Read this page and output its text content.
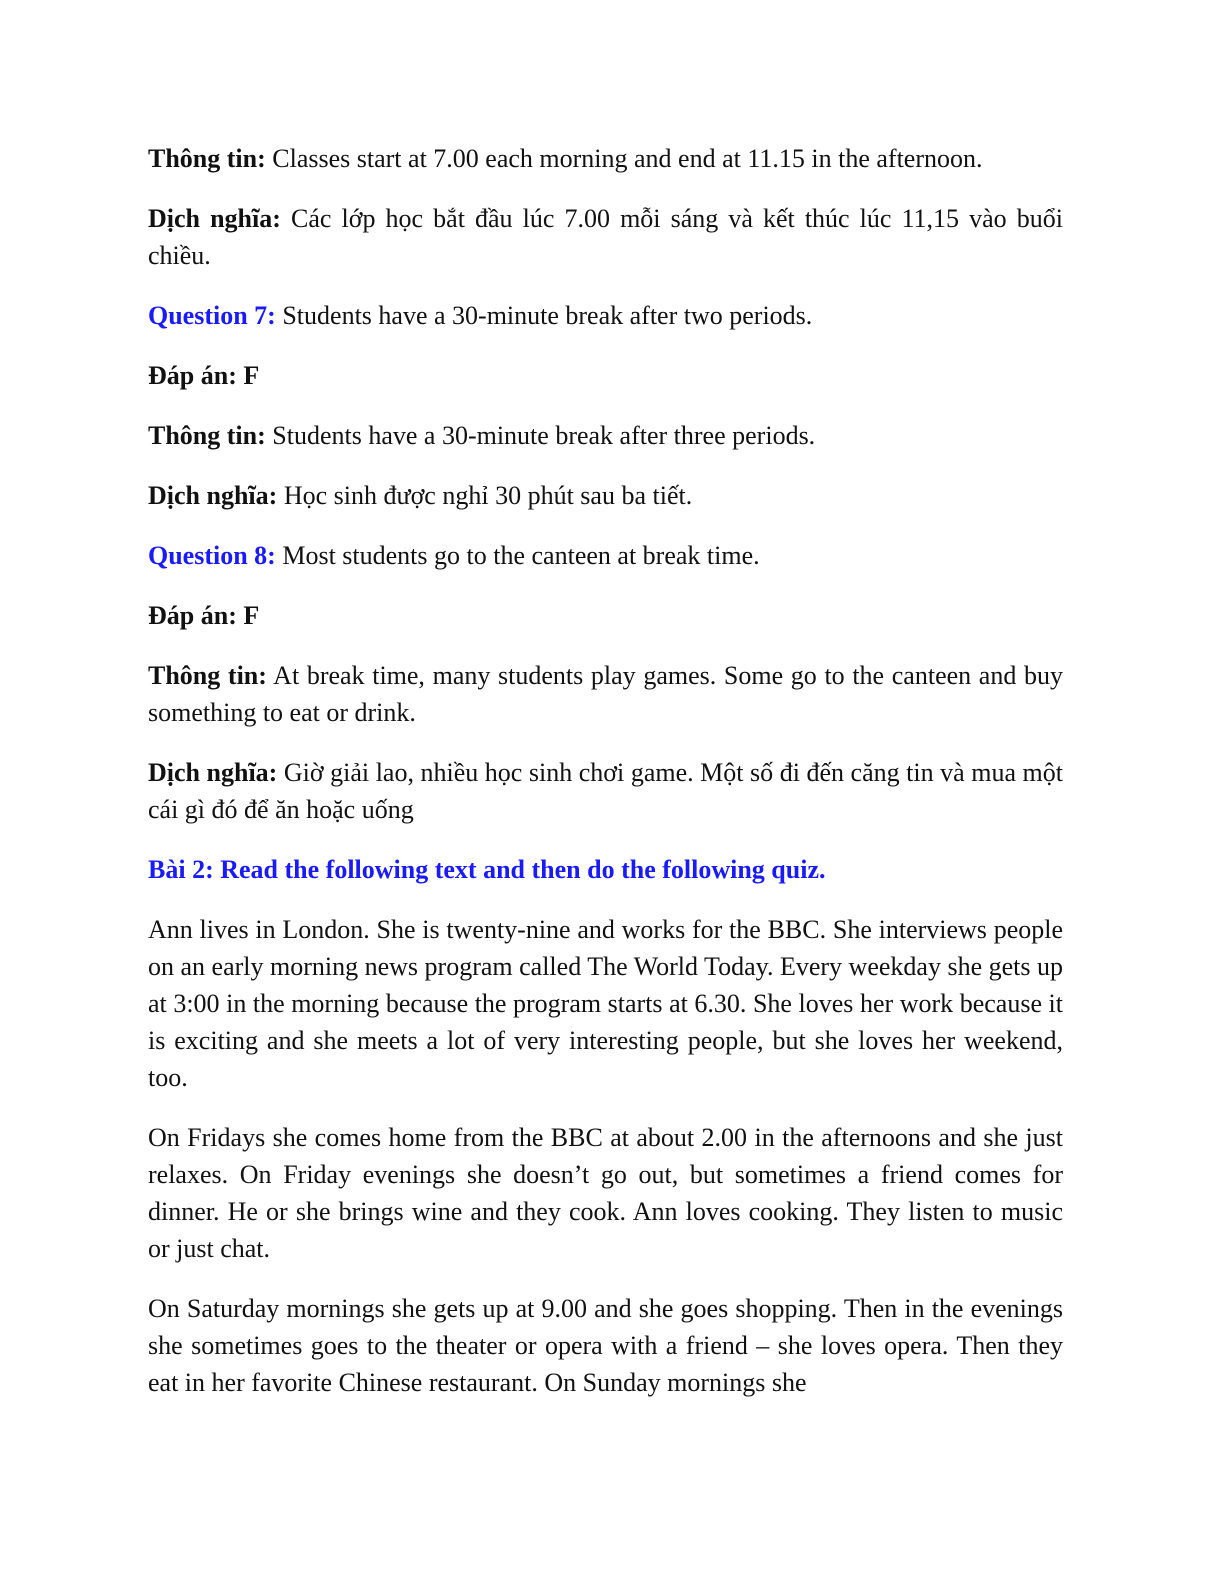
Thông tin: Classes start at 7.00 each morning and end at 11.15 in the afternoon.

Dịch nghĩa: Các lớp học bắt đầu lúc 7.00 mỗi sáng và kết thúc lúc 11,15 vào buổi chiều.

Question 7: Students have a 30-minute break after two periods.

Đáp án: F

Thông tin: Students have a 30-minute break after three periods.

Dịch nghĩa: Học sinh được nghỉ 30 phút sau ba tiết.

Question 8: Most students go to the canteen at break time.

Đáp án: F

Thông tin: At break time, many students play games. Some go to the canteen and buy something to eat or drink.

Dịch nghĩa: Giờ giải lao, nhiều học sinh chơi game. Một số đi đến căng tin và mua một cái gì đó để ăn hoặc uống

Bài 2: Read the following text and then do the following quiz.

Ann lives in London. She is twenty-nine and works for the BBC. She interviews people on an early morning news program called The World Today. Every weekday she gets up at 3:00 in the morning because the program starts at 6.30. She loves her work because it is exciting and she meets a lot of very interesting people, but she loves her weekend, too.

On Fridays she comes home from the BBC at about 2.00 in the afternoons and she just relaxes. On Friday evenings she doesn’t go out, but sometimes a friend comes for dinner. He or she brings wine and they cook. Ann loves cooking. They listen to music or just chat.

On Saturday mornings she gets up at 9.00 and she goes shopping. Then in the evenings she sometimes goes to the theater or opera with a friend – she loves opera. Then they eat in her favorite Chinese restaurant. On Sunday mornings she
